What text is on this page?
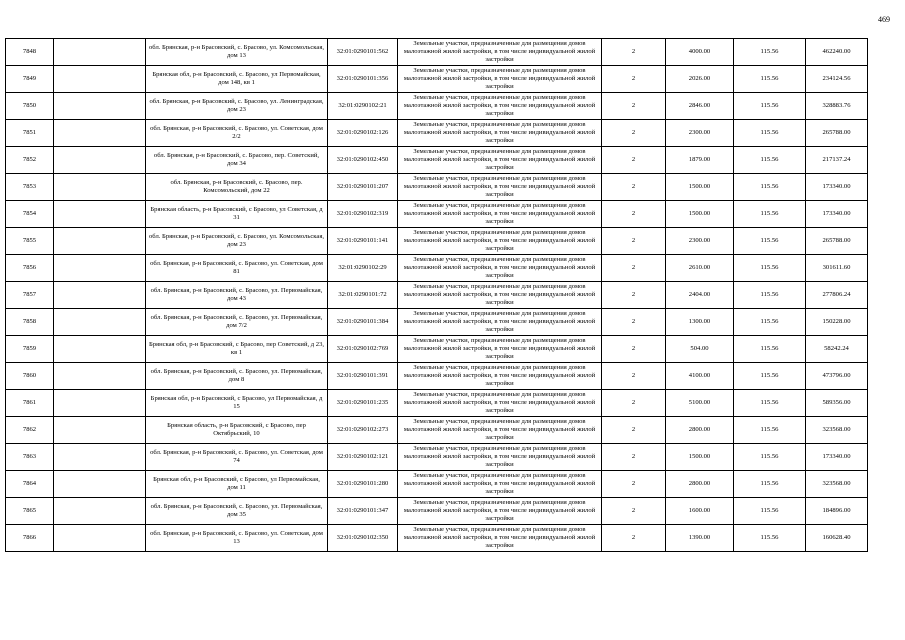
469
7848		обл. Брянская, р-н Брасовский, с. Брасово, ул. Комсомольская, дом 13	32:01:0290101:562	Земельные участки, предназначенные для размещения домов малоэтажной жилой застройки, в том числе индивидуальной жилой застройки	2	4000.00	115.56	462240.00
7849		Брянская обл, р-н Брасовский, с. Брасово, ул Первомайская, дом 148, кв 1	32:01:0290101:356	Земельные участки, предназначенные для размещения домов малоэтажной жилой застройки, в том числе индивидуальной жилой застройки	2	2026.00	115.56	234124.56
7850		обл. Брянская, р-н Брасовский, с. Брасово, ул. Ленинградская, дом 23	32:01:0290102:21	Земельные участки, предназначенные для размещения домов малоэтажной жилой застройки, в том числе индивидуальной жилой застройки	2	2846.00	115.56	328883.76
7851		обл. Брянская, р-н Брасовский, с. Брасово, ул. Советская, дом 2/2	32:01:0290102:126	Земельные участки, предназначенные для размещения домов малоэтажной жилой застройки, в том числе индивидуальной жилой застройки	2	2300.00	115.56	265788.00
7852		обл. Брянская, р-н Брасовский, с. Брасово, пер. Советский, дом 34	32:01:0290102:450	Земельные участки, предназначенные для размещения домов малоэтажной жилой застройки, в том числе индивидуальной жилой застройки	2	1879.00	115.56	217137.24
7853		обл. Брянская, р-н Брасовский, с. Брасово, пер. Комсомольский, дом 22	32:01:0290101:207	Земельные участки, предназначенные для размещения домов малоэтажной жилой застройки, в том числе индивидуальной жилой застройки	2	1500.00	115.56	173340.00
7854		Брянская область, р-н Брасовский, с Брасово, ул Советская, д 31	32:01:0290102:319	Земельные участки, предназначенные для размещения домов малоэтажной жилой застройки, в том числе индивидуальной жилой застройки	2	1500.00	115.56	173340.00
7855		обл. Брянская, р-н Брасовский, с. Брасово, ул. Комсомольская, дом 23	32:01:0290101:141	Земельные участки, предназначенные для размещения домов малоэтажной жилой застройки, в том числе индивидуальной жилой застройки	2	2300.00	115.56	265788.00
7856		обл. Брянская, р-н Брасовский, с. Брасово, ул. Советская, дом 81	32:01:0290102:29	Земельные участки, предназначенные для размещения домов малоэтажной жилой застройки, в том числе индивидуальной жилой застройки	2	2610.00	115.56	301611.60
7857		обл. Брянская, р-н Брасовский, с. Брасово, ул. Первомайская, дом 43	32:01:0290101:72	Земельные участки, предназначенные для размещения домов малоэтажной жилой застройки, в том числе индивидуальной жилой застройки	2	2404.00	115.56	277806.24
7858		обл. Брянская, р-н Брасовский, с. Брасово, ул. Первомайская, дом 7/2	32:01:0290101:384	Земельные участки, предназначенные для размещения домов малоэтажной жилой застройки, в том числе индивидуальной жилой застройки	2	1300.00	115.56	150228.00
7859		Брянская обл, р-н Брасовский, с Брасово, пер Советский, д 23, кв 1	32:01:0290102:769	Земельные участки, предназначенные для размещения домов малоэтажной жилой застройки, в том числе индивидуальной жилой застройки	2	504.00	115.56	58242.24
7860		обл. Брянская, р-н Брасовский, с. Брасово, ул. Первомайская, дом 8	32:01:0290101:391	Земельные участки, предназначенные для размещения домов малоэтажной жилой застройки, в том числе индивидуальной жилой застройки	2	4100.00	115.56	473796.00
7861		Брянская обл, р-н Брасовский, с Брасово, ул Первомайская, д 15	32:01:0290101:235	Земельные участки, предназначенные для размещения домов малоэтажной жилой застройки, в том числе индивидуальной жилой застройки	2	5100.00	115.56	589356.00
7862		Брянская область, р-н Брасовский, с Брасово, пер Октябрьский, 10	32:01:0290102:273	Земельные участки, предназначенные для размещения домов малоэтажной жилой застройки, в том числе индивидуальной жилой застройки	2	2800.00	115.56	323568.00
7863		обл. Брянская, р-н Брасовский, с. Брасово, ул. Советская, дом 74	32:01:0290102:121	Земельные участки, предназначенные для размещения домов малоэтажной жилой застройки, в том числе индивидуальной жилой застройки	2	1500.00	115.56	173340.00
7864		Брянская обл, р-н Брасовский, с Брасово, ул Первомайская, дом 11	32:01:0290101:280	Земельные участки, предназначенные для размещения домов малоэтажной жилой застройки, в том числе индивидуальной жилой застройки	2	2800.00	115.56	323568.00
7865		обл. Брянская, р-н Брасовский, с. Брасово, ул. Первомайская, дом 35	32:01:0290101:347	Земельные участки, предназначенные для размещения домов малоэтажной жилой застройки, в том числе индивидуальной жилой застройки	2	1600.00	115.56	184896.00
7866		обл. Брянская, р-н Брасовский, с. Брасово, ул. Советская, дом 13	32:01:0290102:350	Земельные участки, предназначенные для размещения домов малоэтажной жилой застройки, в том числе индивидуальной жилой застройки	2	1390.00	115.56	160628.40
